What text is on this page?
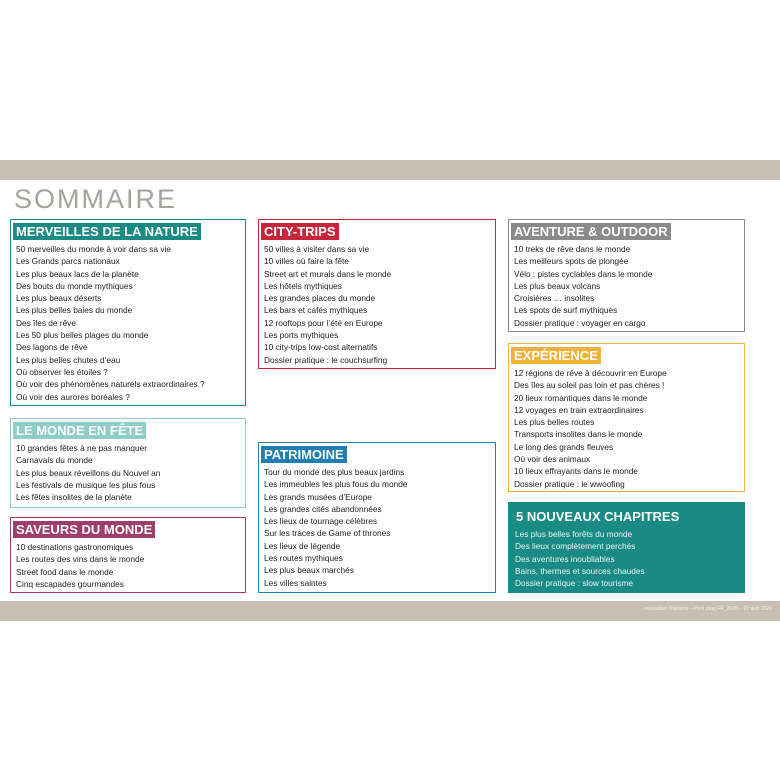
SOMMAIRE
MERVEILLES DE LA NATURE
50 merveilles du monde à voir dans sa vie
Les Grands parcs nationaux
Les plus beaux lacs de la planète
Des bouts du monde mythiques
Les plus beaux déserts
Les plus belles baies du monde
Des îles de rêve
Les 50 plus belles plages du monde
Des lagons de rêve
Les plus belles chutes d’eau
Où observer les étoiles ?
Où voir des phénomènes naturels extraordinaires ?
Où voir des aurores boréales ?
LE MONDE EN FÊTE
10 grandes fêtes à ne pas manquer
Carnavals du monde
Les plus beaux réveillons du Nouvel an
Les festivals de musique les plus fous
Les fêtes insolites de la planète
SAVEURS DU MONDE
10 destinations gastronomiques
Les routes des vins dans le monde
Street food dans le monde
Cinq escapades gourmandes
CITY-TRIPS
50 villes à visiter dans sa vie
10 villes où faire la fête
Street art et murals dans le monde
Les hôtels mythiques
Les grandes places du monde
Les bars et cafés mythiques
12 rooftops pour l’été en Europe
Les ports mythiques
10 city-trips low-cost alternatifs
Dossier pratique : le couchsurfing
PATRIMOINE
Tour du monde des plus beaux jardins
Les immeubles les plus fous du monde
Les grands musées d’Europe
Les grandes cités abandonnées
Les lieux de tournage célèbres
Sur les traces de Game of thrones
Les lieux de légende
Les routes mythiques
Les plus beaux marchés
Les villes saintes
AVENTURE & OUTDOOR
10 treks de rêve dans le monde
Les meilleurs spots de plongée
Vélo : pistes cyclables dans le monde
Les plus beaux volcans
Croisières … insolites
Les spots de surf mythiques
Dossier pratique : voyager en cargo
EXPÉRIENCE
12 régions de rêve à découvrir en Europe
Des îles au soleil pas loin et pas chères !
20 lieux romantiques dans le monde
12 voyages en train extraordinaires
Les plus belles routes
Transports insolites dans le monde
Le long des grands fleuves
Où voir des animaux
10 lieux effrayants dans le monde
Dossier pratique : le wwoofing
5 NOUVEAUX CHAPITRES
Les plus belles forêts du monde
Des lieux complètement perchés
Des aventures inoubliables
Bains, thermes et sources chaudes
Dossier pratique : slow tourisme
Innovation Tourisme – Print prog FR_2026 – 22 avril 2026
